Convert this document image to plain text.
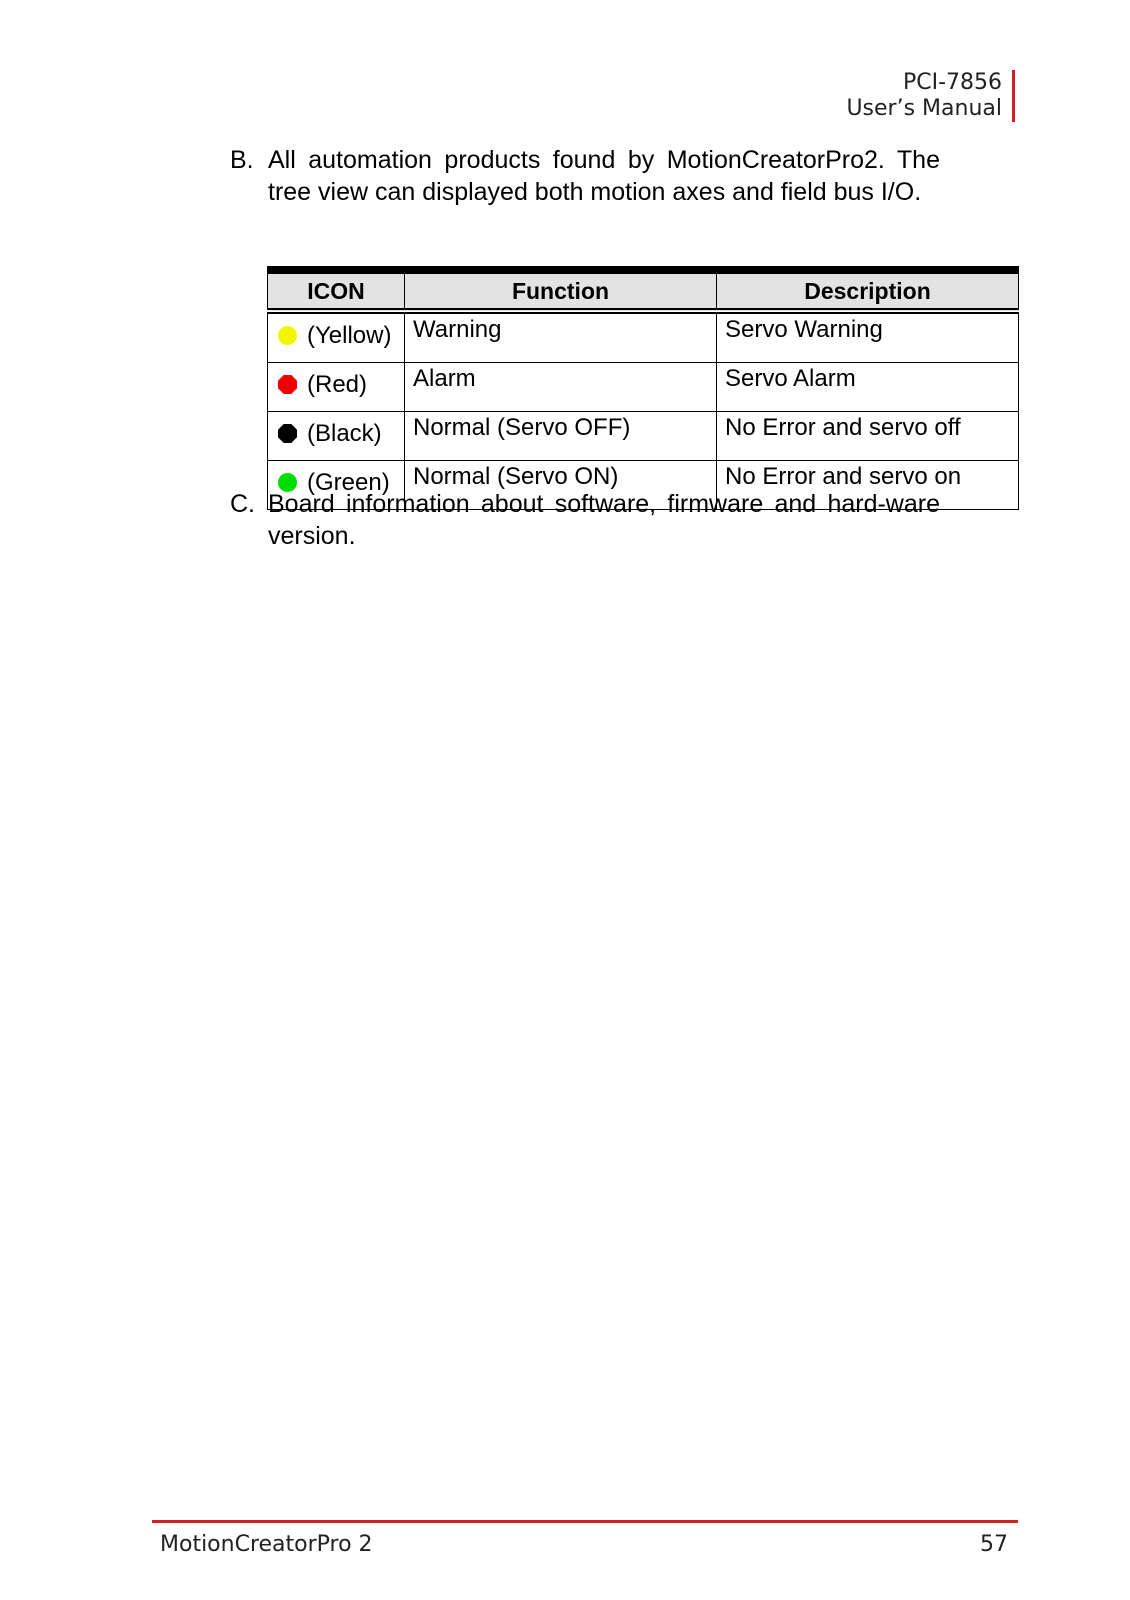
PCI-7856
User’s Manual
B. All automation products found by MotionCreatorPro2. The tree view can displayed both motion axes and field bus I/O.
ICON	Function	Description
(Yellow)	Warning	Servo Warning
(Red)	Alarm	Servo Alarm
(Black)	Normal (Servo OFF)	No Error and servo off
(Green)	Normal (Servo ON)	No Error and servo on
C. Board information about software, firmware and hard-ware version.
MotionCreatorPro 2	57
